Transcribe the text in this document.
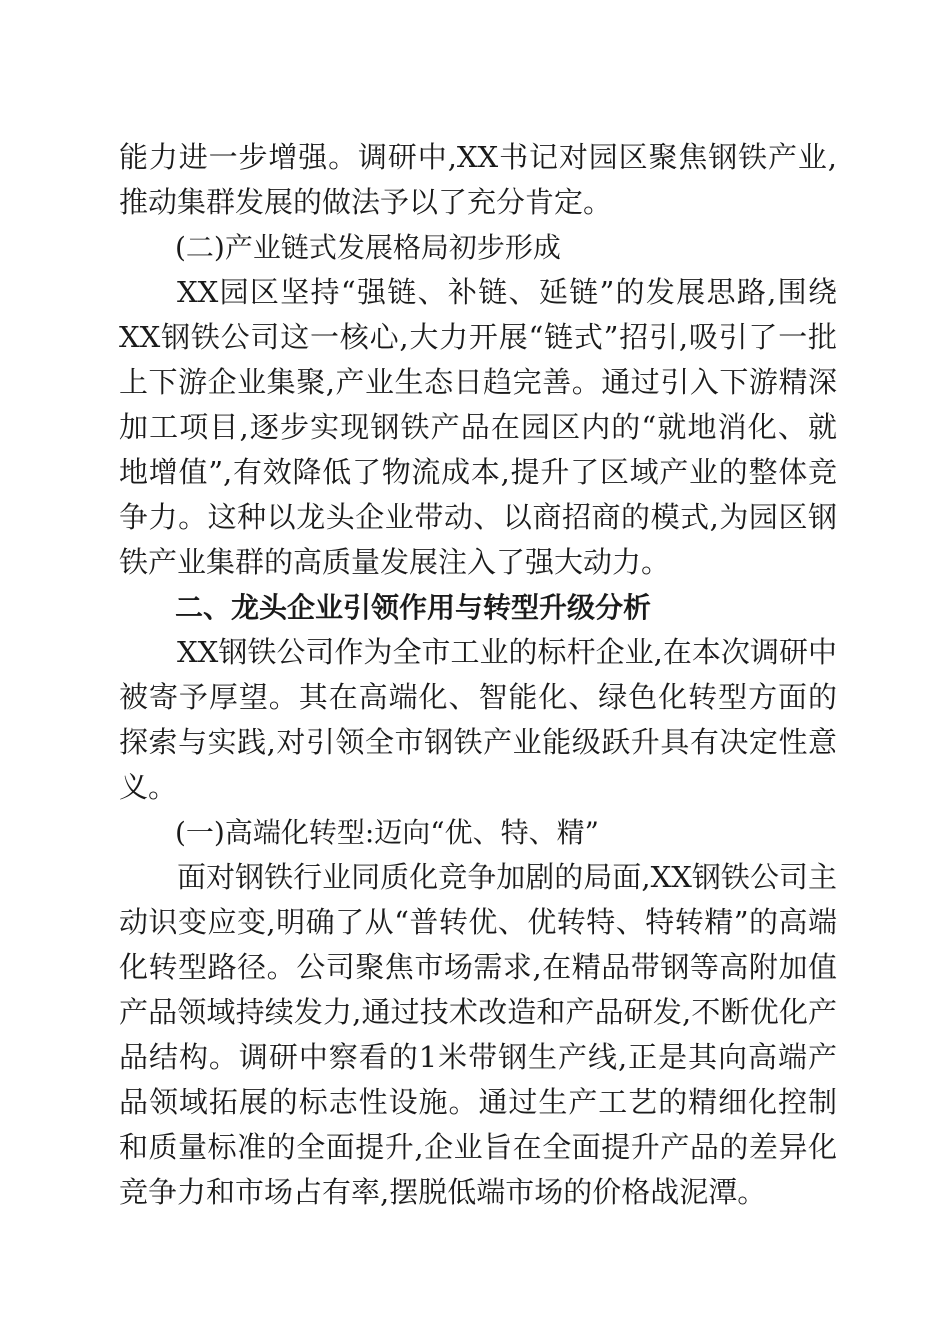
能力进一步增强。调研中,XX书记对园区聚焦钢铁产业,推动集群发展的做法予以了充分肯定。

(二)产业链式发展格局初步形成

XX园区坚持“强链、补链、延链”的发展思路,围绕XX钢铁公司这一核心,大力开展“链式”招引,吸引了一批上下游企业集聚,产业生态日趋完善。通过引入下游精深加工项目,逐步实现钢铁产品在园区内的“就地消化、就地增值”,有效降低了物流成本,提升了区域产业的整体竞争力。这种以龙头企业带动、以商招商的模式,为园区钢铁产业集群的高质量发展注入了强大动力。

二、龙头企业引领作用与转型升级分析

XX钢铁公司作为全市工业的标杆企业,在本次调研中被寄予厚望。其在高端化、智能化、绿色化转型方面的探索与实践,对引领全市钢铁产业能级跃升具有决定性意义。

(一)高端化转型:迈向“优、特、精”

面对钢铁行业同质化竞争加剧的局面,XX钢铁公司主动识变应变,明确了从“普转优、优转特、特转精”的高端化转型路径。公司聚焦市场需求,在精品带钢等高附加值产品领域持续发力,通过技术改造和产品研发,不断优化产品结构。调研中察看的1米带钢生产线,正是其向高端产品领域拓展的标志性设施。通过生产工艺的精细化控制和质量标准的全面提升,企业旨在全面提升产品的差异化竞争力和市场占有率,摆脱低端市场的价格战泥潭。
